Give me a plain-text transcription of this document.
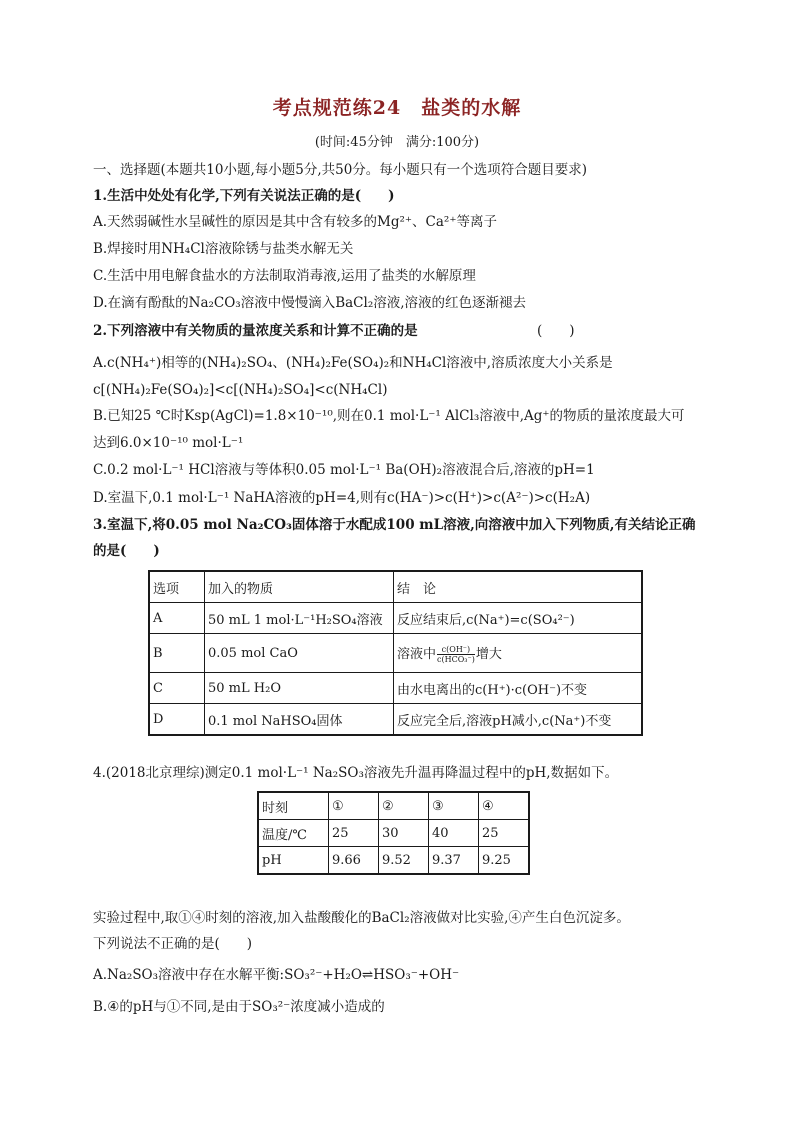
考点规范练24　盐类的水解
(时间:45分钟　满分:100分)
一、选择题(本题共10小题,每小题5分,共50分。每小题只有一个选项符合题目要求)
1.生活中处处有化学,下列有关说法正确的是(　　)
A.天然弱碱性水呈碱性的原因是其中含有较多的Mg²⁺、Ca²⁺等离子
B.焊接时用NH₄Cl溶液除锈与盐类水解无关
C.生活中用电解食盐水的方法制取消毒液,运用了盐类的水解原理
D.在滴有酚酞的Na₂CO₃溶液中慢慢滴入BaCl₂溶液,溶液的红色逐渐褪去
2.下列溶液中有关物质的量浓度关系和计算不正确的是	(　　)
A.c(NH₄⁺)相等的(NH₄)₂SO₄、(NH₄)₂Fe(SO₄)₂和NH₄Cl溶液中,溶质浓度大小关系是
c[(NH₄)₂Fe(SO₄)₂]<c[(NH₄)₂SO₄]<c(NH₄Cl)
B.已知25 ℃时Ksp(AgCl)=1.8×10⁻¹⁰,则在0.1 mol·L⁻¹ AlCl₃溶液中,Ag⁺的物质的量浓度最大可
达到6.0×10⁻¹⁰ mol·L⁻¹
C.0.2 mol·L⁻¹ HCl溶液与等体积0.05 mol·L⁻¹ Ba(OH)₂溶液混合后,溶液的pH=1
D.室温下,0.1 mol·L⁻¹ NaHA溶液的pH=4,则有c(HA⁻)>c(H⁺)>c(A²⁻)>c(H₂A)
3.室温下,将0.05 mol Na₂CO₃固体溶于水配成100 mL溶液,向溶液中加入下列物质,有关结论正确
的是(　　)
选项	加入的物质	结　论
A	50 mL 1 mol·L⁻¹H₂SO₄溶液	反应结束后,c(Na⁺)=c(SO₄²⁻)
B	0.05 mol CaO	溶液中 $\frac{c(OH^-)}{\text{c(HCO₃⁻)}}$ 增大
C	50 mL H₂O	由水电离出的c(H⁺)·c(OH⁻)不变
D	0.1 mol NaHSO₄固体	反应完全后,溶液pH减小,c(Na⁺)不变
4.(2018北京理综)测定0.1 mol·L⁻¹ Na₂SO₃溶液先升温再降温过程中的pH,数据如下。
时刻	①	②	③	④
温度/℃	25	30	40	25
pH	9.66	9.52	9.37	9.25
实验过程中,取①④时刻的溶液,加入盐酸酸化的BaCl₂溶液做对比实验,④产生白色沉淀多。
下列说法不正确的是(　　)
A.Na₂SO₃溶液中存在水解平衡:SO₃²⁻+H₂O⇌HSO₃⁻+OH⁻
B.④的pH与①不同,是由于SO₃²⁻浓度减小造成的
